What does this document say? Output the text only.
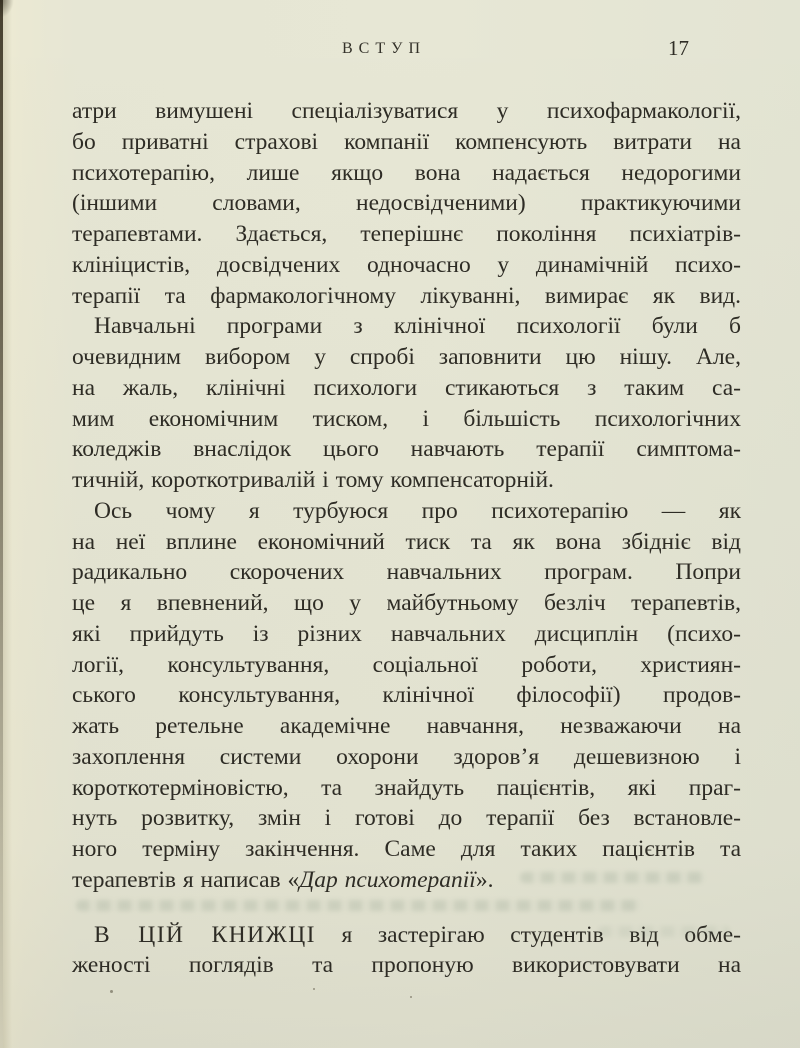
ВСТУП	17
атри вимушені спеціалізуватися у психофармакології,
бо приватні страхові компанії компенсують витрати на
психотерапію, лише якщо вона надається недорогими
(іншими словами, недосвідченими) практикуючими
терапевтами. Здається, теперішнє покоління психіатрів-
клініцистів, досвідчених одночасно у динамічній психо-
терапії та фармакологічному лікуванні, вимирає як вид.
Навчальні програми з клінічної психології були б
очевидним вибором у спробі заповнити цю нішу. Але,
на жаль, клінічні психологи стикаються з таким са-
мим економічним тиском, і більшість психологічних
коледжів внаслідок цього навчають терапії симптома-
тичній, короткотривалій і тому компенсаторній.
Ось чому я турбуюся про психотерапію — як
на неї вплине економічний тиск та як вона збідніє від
радикально скорочених навчальних програм. Попри
це я впевнений, що у майбутньому безліч терапевтів,
які прийдуть із різних навчальних дисциплін (психо-
логії, консультування, соціальної роботи, християн-
ського консультування, клінічної філософії) продов-
жать ретельне академічне навчання, незважаючи на
захоплення системи охорони здоров’я дешевизною і
короткотерміновістю, та знайдуть пацієнтів, які праг-
нуть розвитку, змін і готові до терапії без встановле-
ного терміну закінчення. Саме для таких пацієнтів та
терапевтів я написав «Дар психотерапії».
В ЦІЙ КНИЖЦІ я застерігаю студентів від обме-
женості поглядів та пропоную використовувати на
